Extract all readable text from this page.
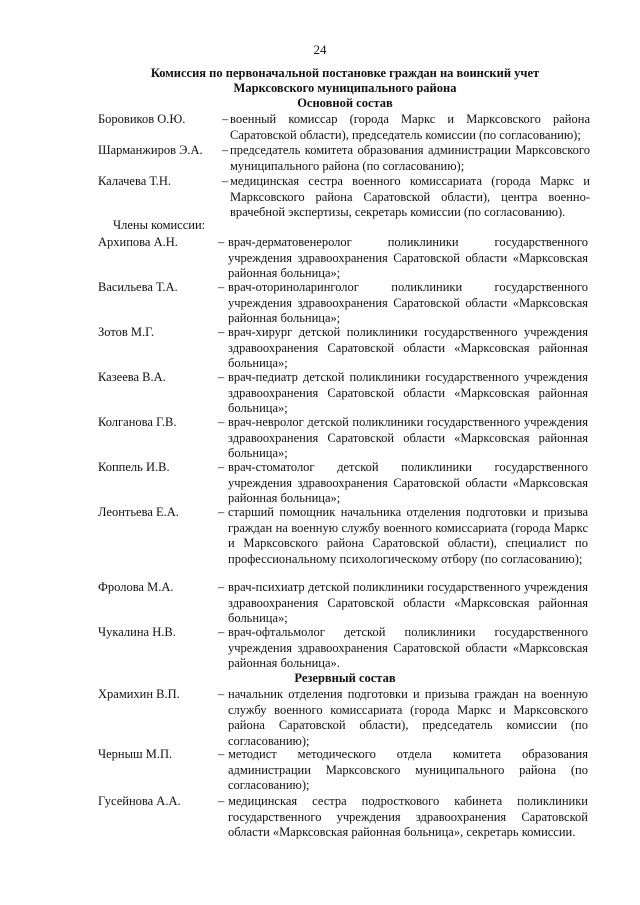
24
Комиссия по первоначальной постановке граждан на воинский учет
Марксовского муниципального района
Основной состав
Боровиков О.Ю.	– военный комиссар (города Маркс и Марксовского района Саратовской области), председатель комиссии (по согласованию);
Шарманжиров Э.А. – председатель комитета образования администрации Марксовского муниципального района (по согласованию);
Калачева Т.Н.	– медицинская сестра военного комиссариата (города Маркс и Марксовского района Саратовской области), центра военно-врачебной экспертизы, секретарь комиссии (по согласованию).
Члены комиссии:
Архипова А.Н.	– врач-дерматовенеролог поликлиники государственного учреждения здравоохранения Саратовской области «Марксовская районная больница»;
Васильева Т.А.	– врач-оториноларинголог поликлиники государственного учреждения здравоохранения Саратовской области «Марксовская районная больница»;
Зотов М.Г.	– врач-хирург детской поликлиники государственного учреждения здравоохранения Саратовской области «Марксовская районная больница»;
Казеева В.А.	– врач-педиатр детской поликлиники государственного учреждения здравоохранения Саратовской области «Марксовская районная больница»;
Колганова Г.В.	– врач-невролог детской поликлиники государственного учреждения здравоохранения Саратовской области «Марксовская районная больница»;
Коппель И.В.	– врач-стоматолог детской поликлиники государственного учреждения здравоохранения Саратовской области «Марксовская районная больница»;
Леонтьева Е.А.	– старший помощник начальника отделения подготовки и призыва граждан на военную службу военного комиссариата (города Маркс и Марксовского района Саратовской области), специалист по профессиональному психологическому отбору (по согласованию);
Фролова М.А.	– врач-психиатр детской поликлиники государственного учреждения здравоохранения Саратовской области «Марксовская районная больница»;
Чукалина Н.В.	– врач-офтальмолог детской поликлиники государственного учреждения здравоохранения Саратовской области «Марксовская районная больница».
Резервный состав
Храмихин В.П.	– начальник отделения подготовки и призыва граждан на военную службу военного комиссариата (города Маркс и Марксовского района Саратовской области), председатель комиссии (по согласованию);
Черныш М.П.	– методист методического отдела комитета образования администрации Марксовского муниципального района (по согласованию);
Гусейнова А.А.	– медицинская сестра подросткового кабинета поликлиники государственного учреждения здравоохранения Саратовской области «Марксовская районная больница», секретарь комиссии.
